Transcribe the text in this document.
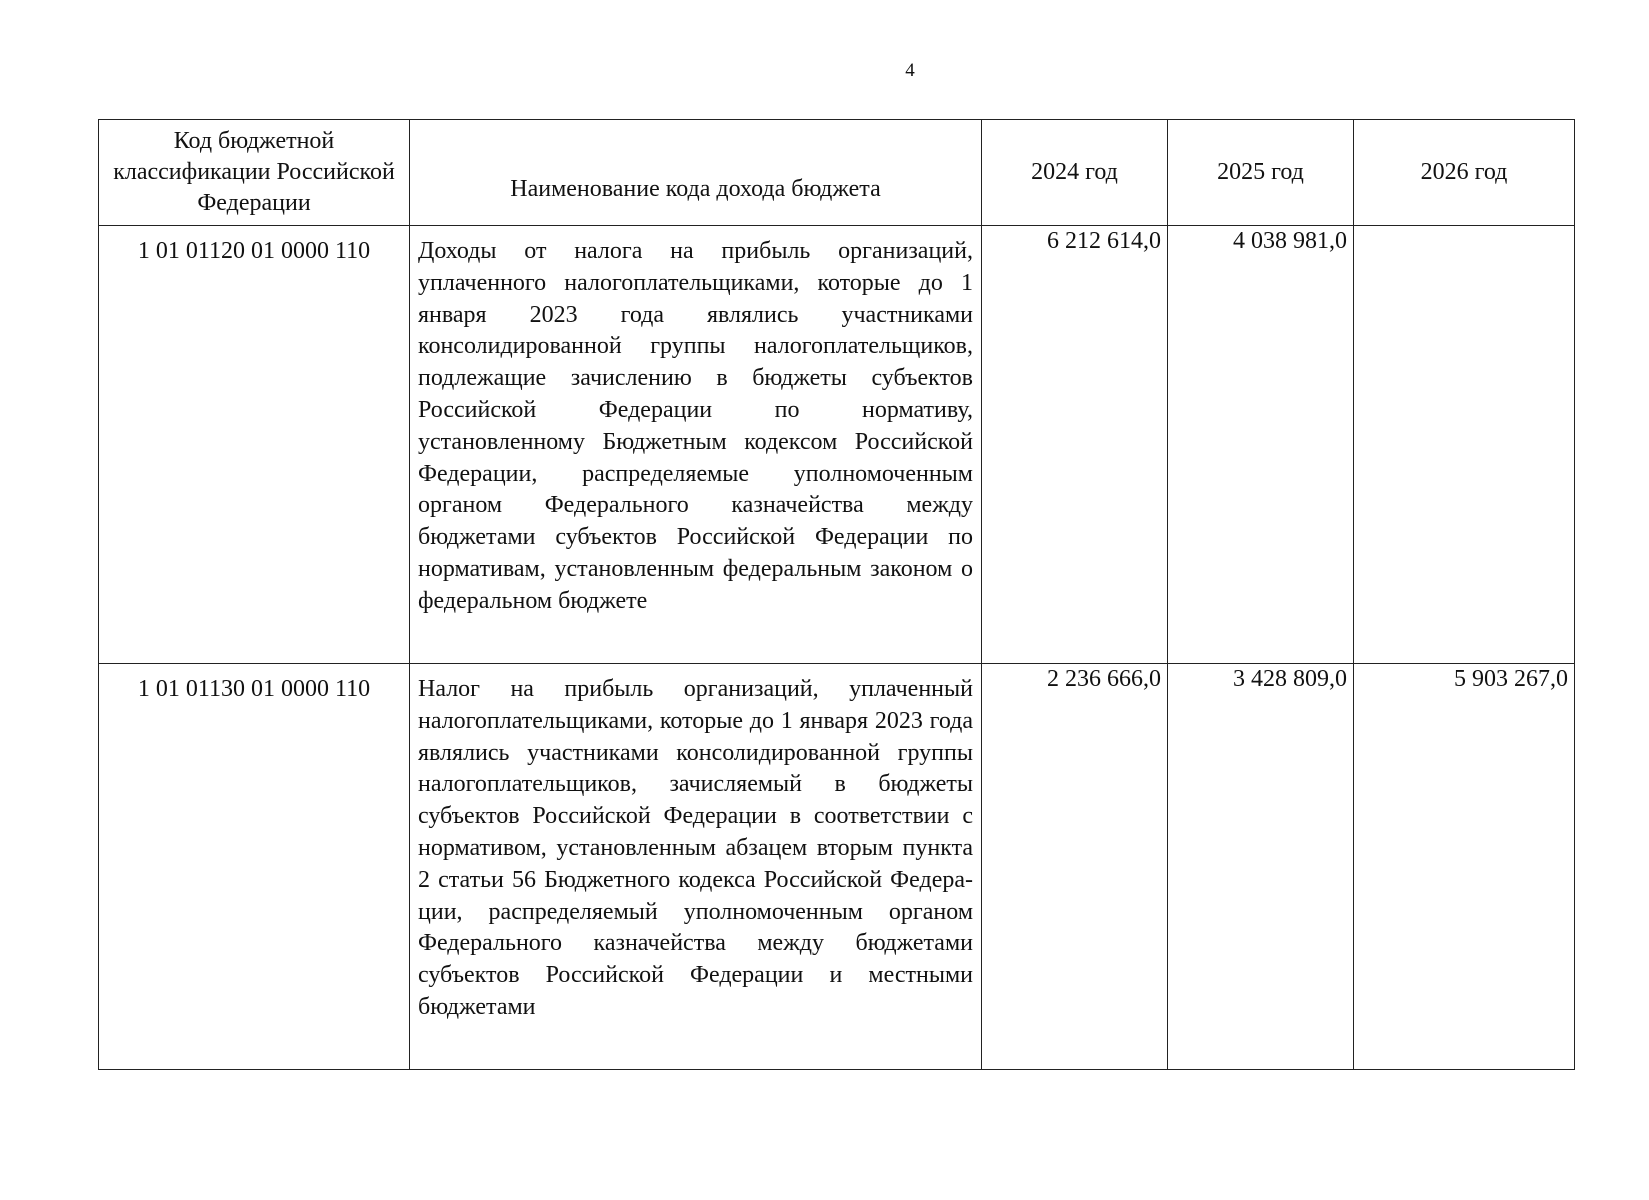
4
Код бюджетной классификации Российской Федерации	Наименование кода дохода бюджета	2024 год	2025 год	2026 год
1 01 01120 01 0000 110	Доходы от налога на прибыль организаций, уплаченного налогоплательщиками, которые до 1 января 2023 года являлись участниками консолидированной группы налогоплательщиков, подлежащие зачислению в бюджеты субъектов Российской Федерации по нормативу, установленному Бюджетным кодексом Российской Федерации, распределяемые уполномоченным органом Федерального казначейства между бюджетами субъектов Российской Федерации по нормативам, установленным федеральным законом о федеральном бюджете	6 212 614,0	4 038 981,0	
1 01 01130 01 0000 110	Налог на прибыль организаций, уплаченный налогоплательщиками, которые до 1 января 2023 года являлись участниками консолидированной группы налогоплательщиков, зачисляемый в бюджеты субъектов Российской Федерации в соответствии с нормативом, установленным абзацем вторым пункта 2 статьи 56 Бюджетного кодекса Российской Федерации, распределяемый уполномоченным органом Федерального казначейства между бюджетами субъектов Российской Федерации и местными бюджетами	2 236 666,0	3 428 809,0	5 903 267,0
